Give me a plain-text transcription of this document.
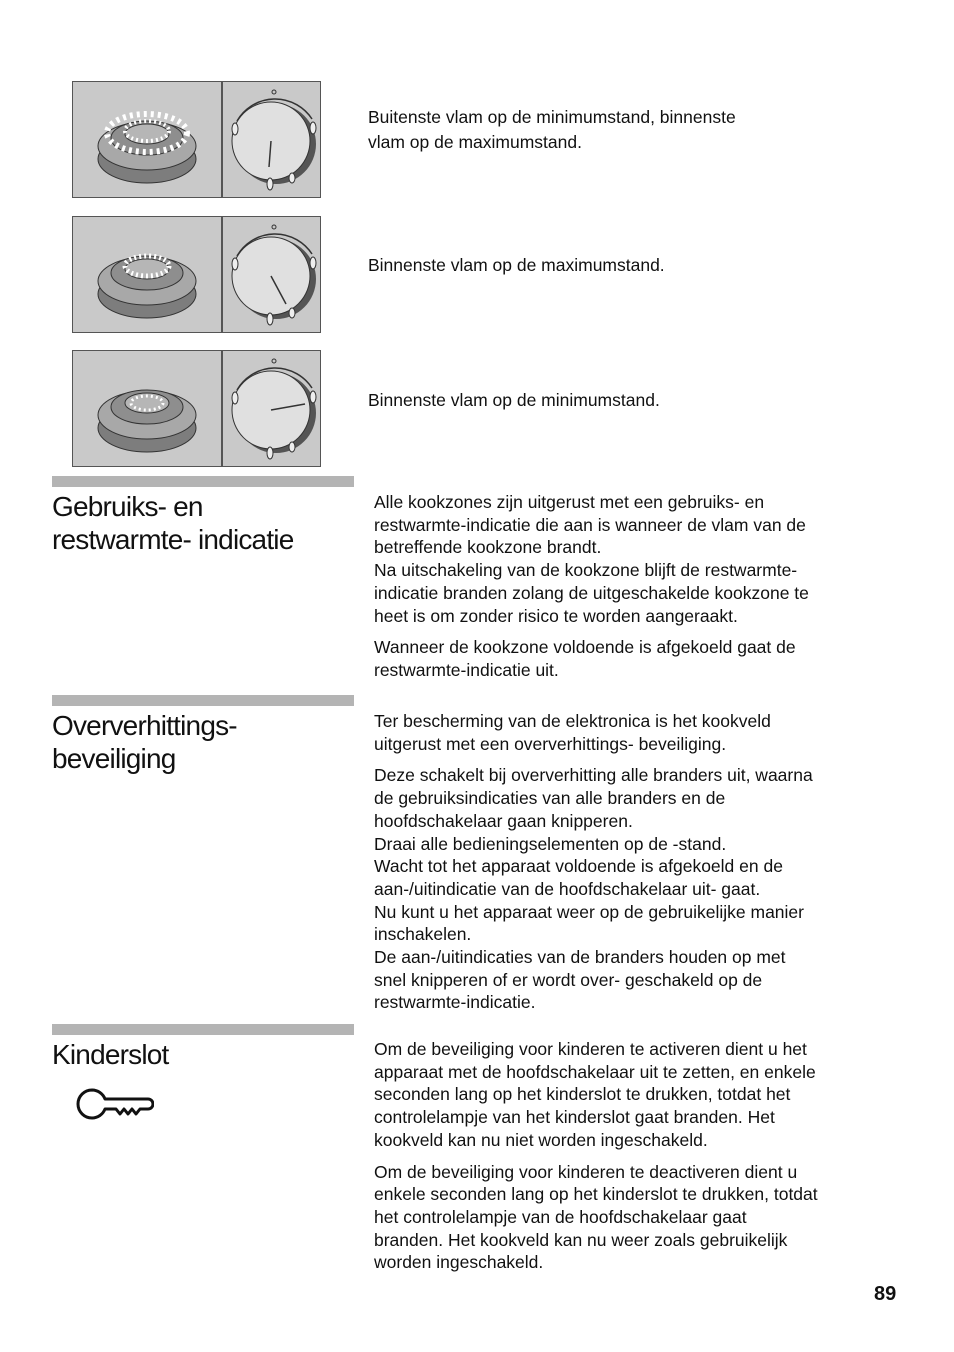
Buitenste vlam op de minimumstand, binnenste
vlam op de maximumstand.
Binnenste vlam op de maximumstand.
Binnenste vlam op de minimumstand.
Gebruiks- en
restwarmte- indicatie

Alle kookzones zijn uitgerust met een gebruiks- en
restwarmte-indicatie die aan is wanneer de vlam van de
betreffende kookzone brandt.
Na uitschakeling van de kookzone blijft de restwarmte-
indicatie branden zolang de uitgeschakelde kookzone te
heet is om zonder risico te worden aangeraakt.

Wanneer de kookzone voldoende is afgekoeld gaat de
restwarmte-indicatie uit.

Oververhittings-
beveiliging

Ter bescherming van de elektronica is het kookveld
uitgerust met een oververhittings- beveiliging.

Deze schakelt bij oververhitting alle branders uit, waarna
de gebruiksindicaties van alle branders en de
hoofdschakelaar gaan knipperen.
Draai alle bedieningselementen op de -stand.
Wacht tot het apparaat voldoende is afgekoeld en de
aan-/uitindicatie van de hoofdschakelaar uit- gaat.
Nu kunt u het apparaat weer op de gebruikelijke manier
inschakelen.
De aan-/uitindicaties van de branders houden op met
snel knipperen of er wordt over- geschakeld op de
restwarmte-indicatie.

Kinderslot	Om de beveiliging voor kinderen te activeren dient u het
apparaat met de hoofdschakelaar uit te zetten, en enkele
seconden lang op het kinderslot te drukken, totdat het
controlelampje van het kinderslot gaat branden. Het
kookveld kan nu niet worden ingeschakeld.

Om de beveiliging voor kinderen te deactiveren dient u
enkele seconden lang op het kinderslot te drukken, totdat
het controlelampje van de hoofdschakelaar gaat
branden. Het kookveld kan nu weer zoals gebruikelijk
worden ingeschakeld.

89
